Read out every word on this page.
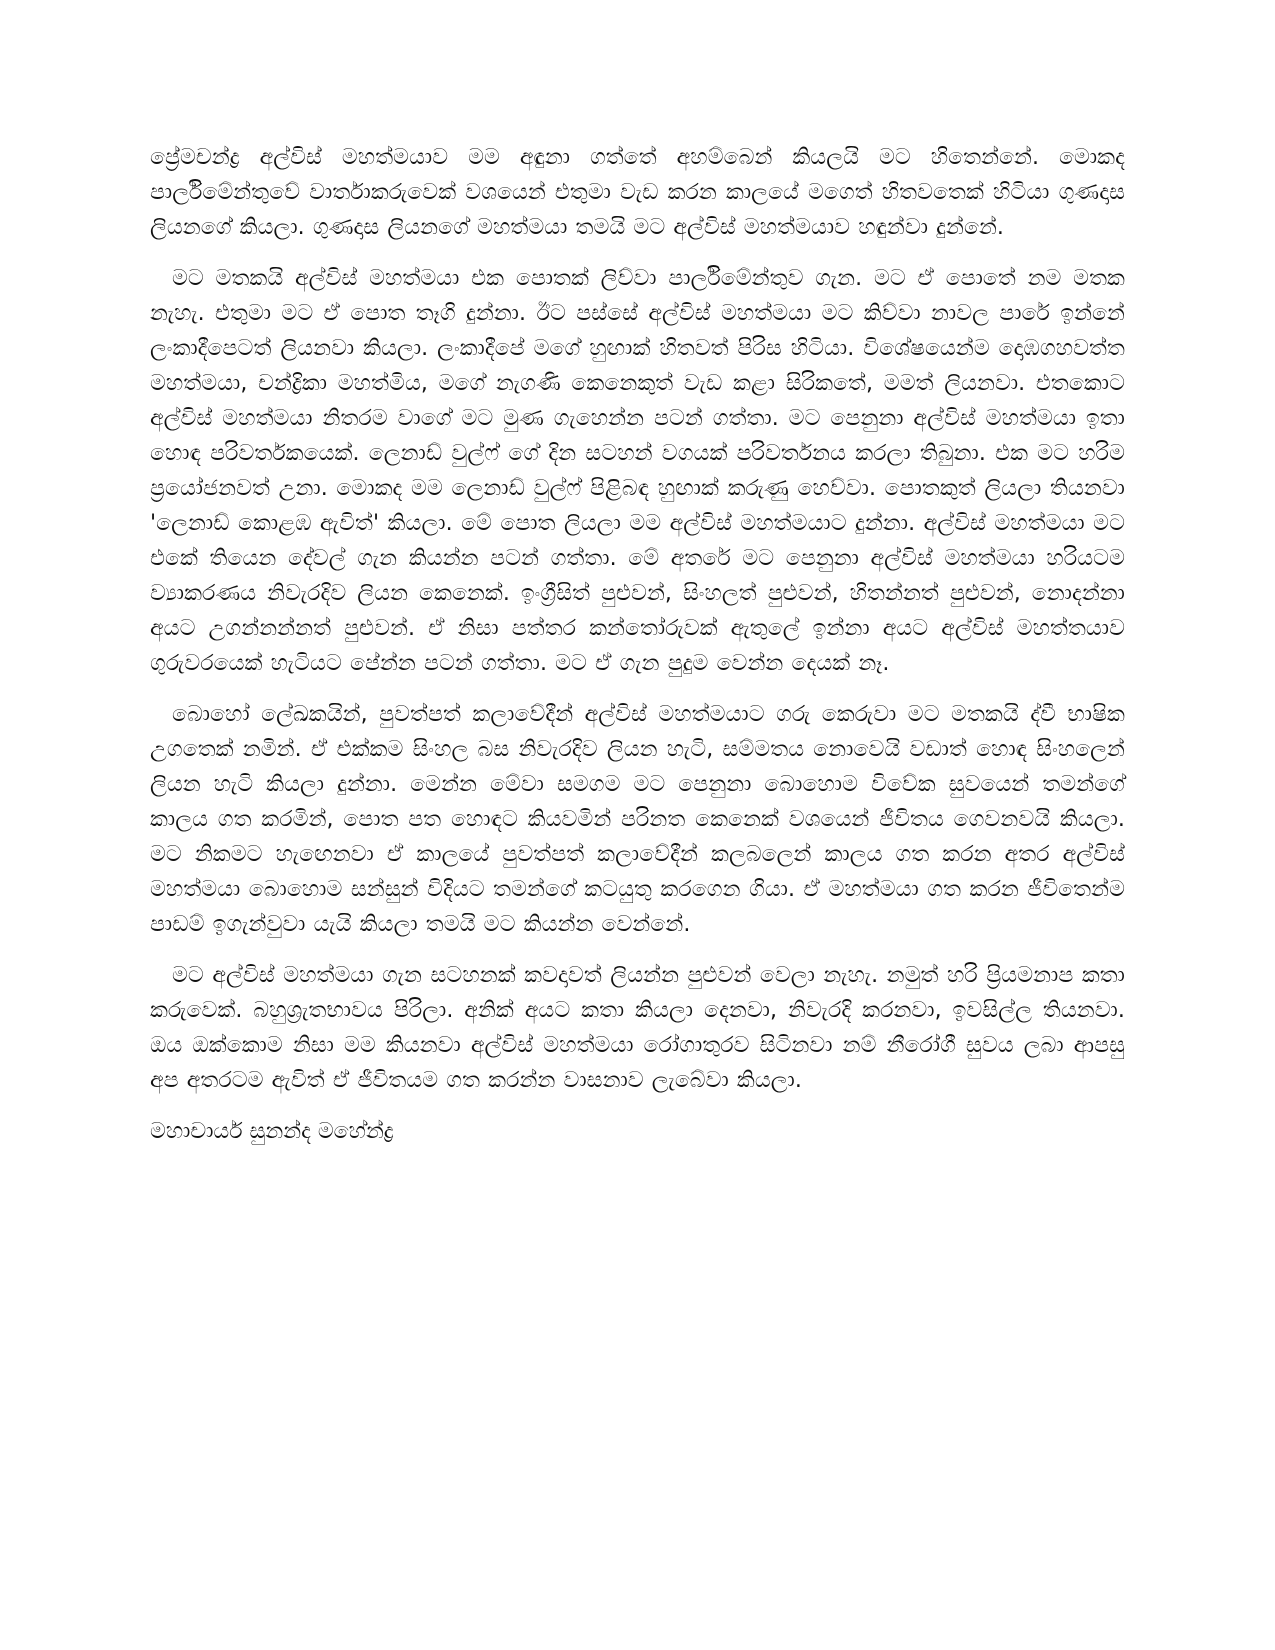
ප්‍රේමචන්ද්‍ර අල්විස් මහත්මයාව මම අඳුනා ගත්තේ අහම්බෙන් කියලයි මට හිතෙන්නේ. මොකද පාර්ලිමේන්තුවේ වාර්තාකරුවෙක් වශයෙන් එතුමා වැඩ කරන කාලයේ මගෙත් හිතවතෙක් හිටියා ගුණදාස ලියනගේ කියලා. ගුණදාස ලියනගේ මහත්මයා තමයි මට අල්විස් මහත්මයාව හඳුන්වා දුන්නේ.

මට මතකයි අල්විස් මහත්මයා එක පොතක් ලිව්වා පාර්ලිමේන්තුව ගැන. මට ඒ පොතේ නම මතක නැහැ. එතුමා මට ඒ පොත තෑගි දුන්නා. ඊට පස්සේ අල්විස් මහත්මයා මට කිව්වා නාවල පාරේ ඉන්නේ ලංකාදීපෙටත් ලියනවා කියලා. ලංකාදීපේ මගේ හුඟාක් හිතවත් පිරිස හිටියා. විශේෂයෙන්ම දොඹගහවත්ත මහත්මයා, චන්ද්‍රිකා මහත්මිය, මගේ නැගණි කෙනෙකුත් වැඩ කළා සිරිකතේ, මමත් ලියනවා. එතකොට අල්විස් මහත්මයා නිතරම වාගේ මට මුණ ගැහෙන්න පටන් ගත්තා. මට පෙනුනා අල්විස් මහත්මයා ඉතා හොඳ පරිවර්තකයෙක්. ලෙනාඩ් වුල්ෆ් ගේ දින සටහන් වගයක් පරිවර්තනය කරලා තිබුනා. එක මට හරිම ප්‍රයෝජනවත් උනා. මොකද මම ලෙනාඩ් වුල්ෆ් පිළිබඳ හුඟාක් කරුණු හෙව්වා. පොතකුත් ලියලා තියනවා 'ලෙනාඩ් කොළඹ ඇවිත්' කියලා. මේ පොත ලියලා මම අල්විස් මහත්මයාට දුන්නා. අල්විස් මහත්මයා මට එකේ තියෙන දේවල් ගැන කියන්න පටන් ගත්තා. මේ අතරේ මට පෙනුනා අල්විස් මහත්මයා හරියටම ව්‍යාකරණය නිවැරදිව ලියන කෙනෙක්. ඉංග්‍රීසිත් පුළුවන්, සිංහලත් පුළුවන්, හිතන්නත් පුළුවන්, නොදන්නා අයට උගන්නන්නත් පුළුවන්. ඒ නිසා පත්තර කන්තෝරුවක් ඇතුලේ ඉන්නා අයට අල්විස් මහත්තයාව ගුරුවරයෙක් හැටියට පේන්න පටන් ගත්තා. මට ඒ ගැන පුදුම වෙන්න දෙයක් නෑ.

බොහෝ ලේඛකයින්, පුවත්පත් කලාවේදීන් අල්විස් මහත්මයාට ගරු කෙරුවා මට මතකයි ද්වී භාෂික උගතෙක් නමින්. ඒ එක්කම සිංහල බස නිවැරදිව ලියන හැටි, සම්මතය නොවෙයි වඩාත් හොඳ සිංහලෙන් ලියන හැටි කියලා දුන්නා. මෙන්න මේවා සමගම මට පෙනුනා බොහොම විවේක සුවයෙන් තමන්ගේ කාලය ගත කරමින්, පොත පත හොඳට කියවමින් පරිනත කෙනෙක් වශයෙන් ජීවිතය ගෙවනවයි කියලා. මට නිකමට හැඟෙනවා ඒ කාලයේ පුවත්පත් කලාවේදීන් කලබලෙන් කාලය ගත කරන අතර අල්විස් මහත්මයා බොහොම සන්සුන් විදියට තමන්ගේ කටයුතු කරගෙන ගියා. ඒ මහත්මයා ගත කරන ජීවිතෙන්ම පාඩම් ඉගැන්වුවා යැයි කියලා තමයි මට කියන්න වෙන්නේ.

මට අල්විස් මහත්මයා ගැන සටහනක් කවදාවත් ලියන්න පුළුවන් වෙලා නැහැ. නමුත් හරි ප්‍රියමනාප කතා කරුවෙක්. බහුශ්‍රැතභාවය පිරිලා. අනික් අයට කතා කියලා දෙනවා, නිවැරදි කරනවා, ඉවසිල්ල තියනවා. ඔය ඔක්කොම නිසා මම කියනවා අල්විස් මහත්මයා රෝගාතුරව සිටිනවා නම් නීරෝගී සුවය ලබා ආපසු අප අතරටම ඇවිත් ඒ ජීවිතයම ගත කරන්න වාසනාව ලැබේවා කියලා.

මහාචාර්ය සුනන්ද මහේන්ද්‍ර
